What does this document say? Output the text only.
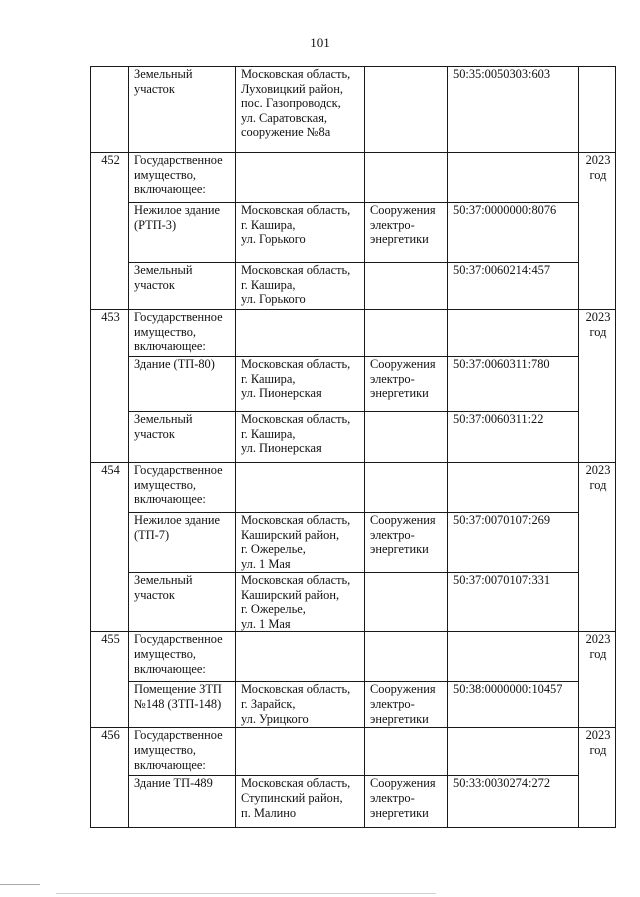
101
	Земельный
участок	Московская область,
Луховицкий район,
пос. Газопроводск,
ул. Саратовская,
сооружение №8а		50:35:0050303:603	
452	Государственное
имущество,
включающее:				2023
год
	Нежилое здание
(РТП-3)	Московская область,
г. Кашира,
ул. Горького	Сооружения
электро-
энергетики	50:37:0000000:8076	
	Земельный
участок	Московская область,
г. Кашира,
ул. Горького		50:37:0060214:457	
453	Государственное
имущество,
включающее:				2023
год
	Здание (ТП-80)	Московская область,
г. Кашира,
ул. Пионерская	Сооружения
электро-
энергетики	50:37:0060311:780	
	Земельный
участок	Московская область,
г. Кашира,
ул. Пионерская		50:37:0060311:22	
454	Государственное
имущество,
включающее:				2023
год
	Нежилое здание
(ТП-7)	Московская область,
Каширский район,
г. Ожерелье,
ул. 1 Мая	Сооружения
электро-
энергетики	50:37:0070107:269	
	Земельный
участок	Московская область,
Каширский район,
г. Ожерелье,
ул. 1 Мая		50:37:0070107:331	
455	Государственное
имущество,
включающее:				2023
год
	Помещение ЗТП
№148 (ЗТП-148)	Московская область,
г. Зарайск,
ул. Урицкого	Сооружения
электро-
энергетики	50:38:0000000:10457	
456	Государственное
имущество,
включающее:				2023
год
	Здание ТП-489	Московская область,
Ступинский район,
п. Малино	Сооружения
электро-
энергетики	50:33:0030274:272	
